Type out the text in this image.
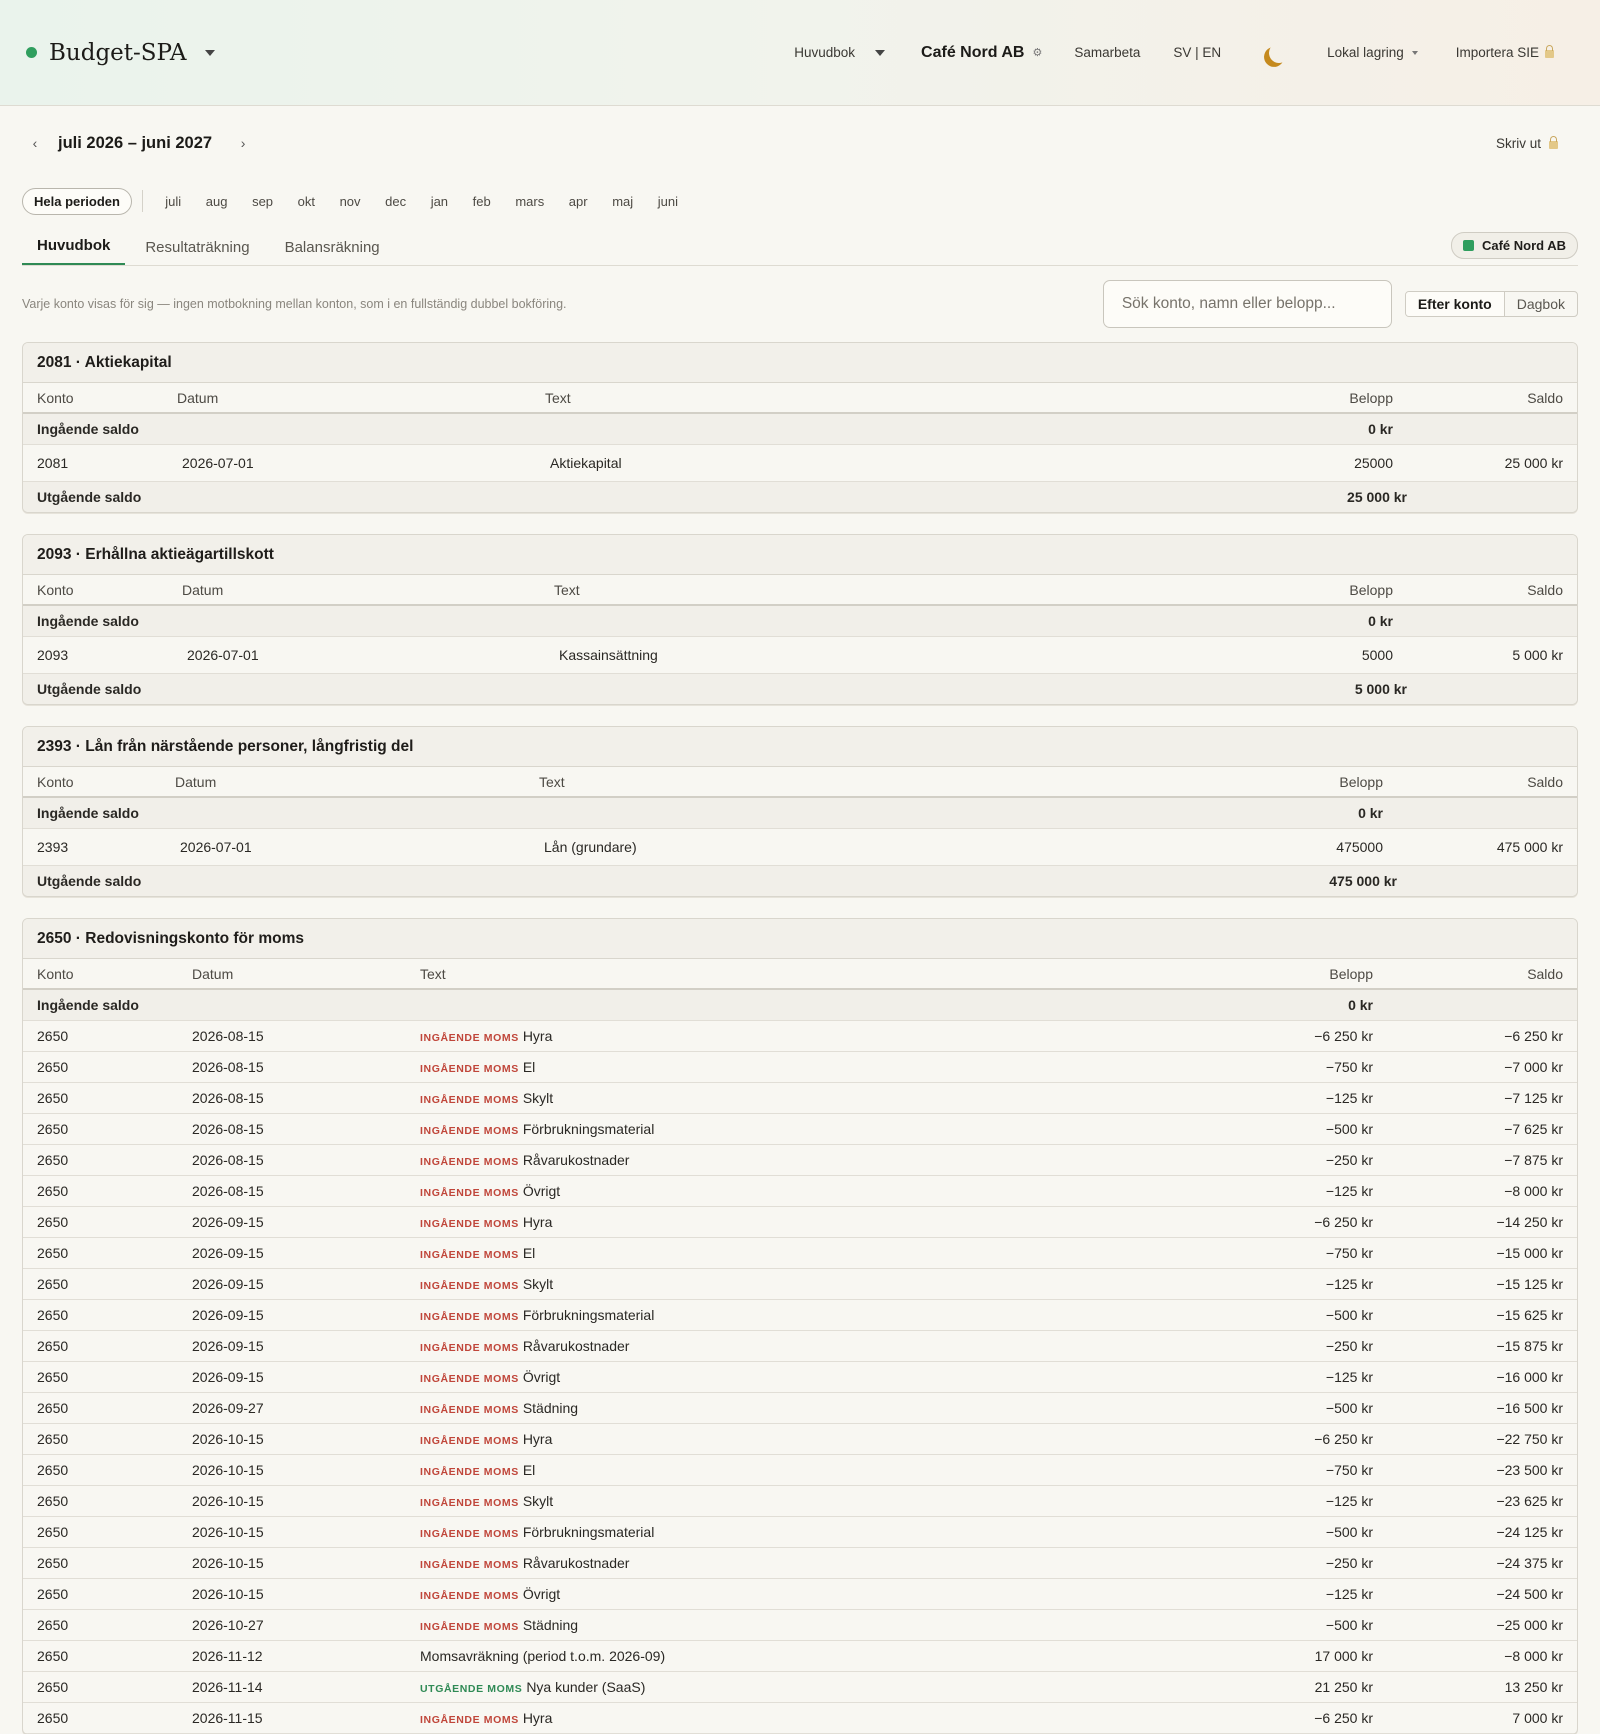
Budget-SPA	Huvudbok	Café Nord AB ⚙ Samarbeta SV | EN	Lokal lagring	Importera SIE
‹	juli 2026 – juni 2027	›	Skriv ut
Hela perioden	juli	aug	sep	okt	nov	dec	jan	feb	mars	apr	maj	juni
Huvudbok	Resultaträkning	Balansräkning	Café Nord AB
Varje konto visas för sig — ingen motbokning mellan konton, som i en fullständig dubbel bokföring.
Sök konto, namn eller belopp...	Efter konto	Dagbok
2081 · Aktiekapital
Konto	Datum	Text	Belopp	Saldo
Ingående saldo			0 kr	
2081	2026-07-01	Aktiekapital	25000	25 000 kr
Utgående saldo			25 000 kr	
2093 · Erhållna aktieägartillskott
Konto	Datum	Text	Belopp	Saldo
Ingående saldo			0 kr	
2093	2026-07-01	Kassainsättning	5000	5 000 kr
Utgående saldo			5 000 kr	
2393 · Lån från närstående personer, långfristig del
Konto	Datum	Text	Belopp	Saldo
Ingående saldo			0 kr	
2393	2026-07-01	Lån (grundare)	475000	475 000 kr
Utgående saldo			475 000 kr	
2650 · Redovisningskonto för moms
Konto	Datum	Text	Belopp	Saldo
Ingående saldo			0 kr	
2650	2026-08-15	INGÅENDE MOMS Hyra	−6 250 kr	−6 250 kr
2650	2026-08-15	INGÅENDE MOMS El	−750 kr	−7 000 kr
2650	2026-08-15	INGÅENDE MOMS Skylt	−125 kr	−7 125 kr
2650	2026-08-15	INGÅENDE MOMS Förbrukningsmaterial	−500 kr	−7 625 kr
2650	2026-08-15	INGÅENDE MOMS Råvarukostnader	−250 kr	−7 875 kr
2650	2026-08-15	INGÅENDE MOMS Övrigt	−125 kr	−8 000 kr
2650	2026-09-15	INGÅENDE MOMS Hyra	−6 250 kr	−14 250 kr
2650	2026-09-15	INGÅENDE MOMS El	−750 kr	−15 000 kr
2650	2026-09-15	INGÅENDE MOMS Skylt	−125 kr	−15 125 kr
2650	2026-09-15	INGÅENDE MOMS Förbrukningsmaterial	−500 kr	−15 625 kr
2650	2026-09-15	INGÅENDE MOMS Råvarukostnader	−250 kr	−15 875 kr
2650	2026-09-15	INGÅENDE MOMS Övrigt	−125 kr	−16 000 kr
2650	2026-09-27	INGÅENDE MOMS Städning	−500 kr	−16 500 kr
2650	2026-10-15	INGÅENDE MOMS Hyra	−6 250 kr	−22 750 kr
2650	2026-10-15	INGÅENDE MOMS El	−750 kr	−23 500 kr
2650	2026-10-15	INGÅENDE MOMS Skylt	−125 kr	−23 625 kr
2650	2026-10-15	INGÅENDE MOMS Förbrukningsmaterial	−500 kr	−24 125 kr
2650	2026-10-15	INGÅENDE MOMS Råvarukostnader	−250 kr	−24 375 kr
2650	2026-10-15	INGÅENDE MOMS Övrigt	−125 kr	−24 500 kr
2650	2026-10-27	INGÅENDE MOMS Städning	−500 kr	−25 000 kr
2650	2026-11-12	Momsavräkning (period t.o.m. 2026-09)	17 000 kr	−8 000 kr
2650	2026-11-14	UTGÅENDE MOMS Nya kunder (SaaS)	21 250 kr	13 250 kr
2650	2026-11-15	INGÅENDE MOMS Hyra	−6 250 kr	7 000 kr
